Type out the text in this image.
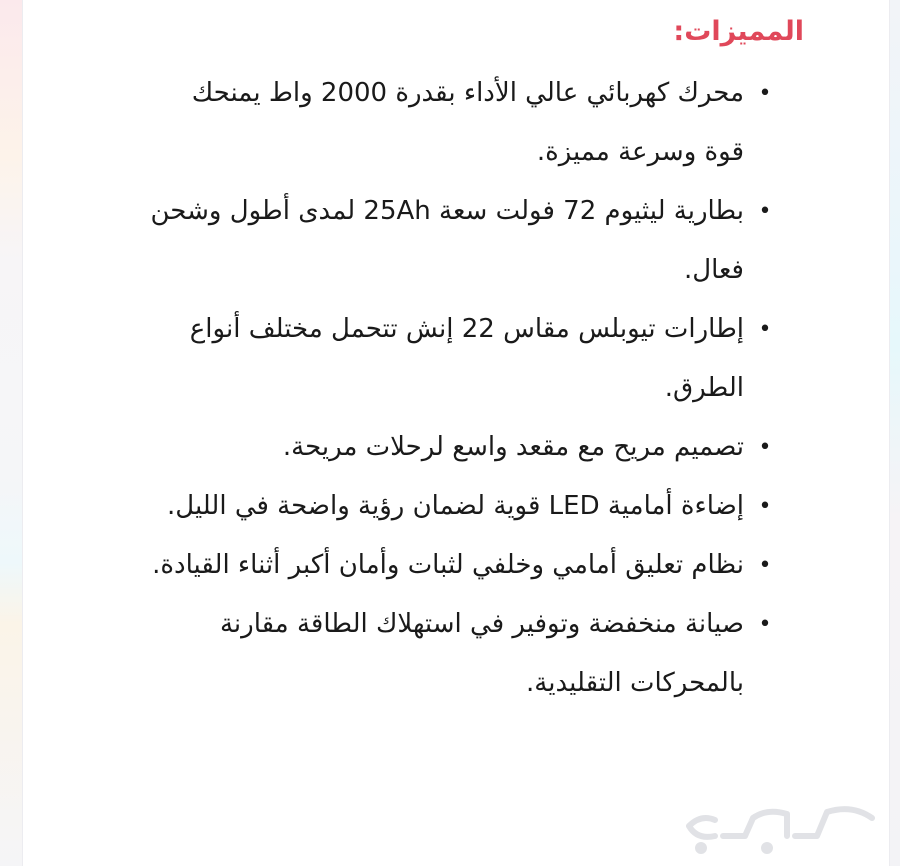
المميزات:
•
محرك كهربائي عالي الأداء بقدرة 2000 واط يمنحك قوة وسرعة مميزة.
•
بطارية ليثيوم 72 فولت سعة 25Ah لمدى أطول وشحن فعال.
•
إطارات تيوبلس مقاس 22 إنش تتحمل مختلف أنواع الطرق.
•
تصميم مريح مع مقعد واسع لرحلات مريحة.
•
إضاءة أمامية LED قوية لضمان رؤية واضحة في الليل.
•
نظام تعليق أمامي وخلفي لثبات وأمان أكبر أثناء القيادة.
•
صيانة منخفضة وتوفير في استهلاك الطاقة مقارنة بالمحركات التقليدية.
